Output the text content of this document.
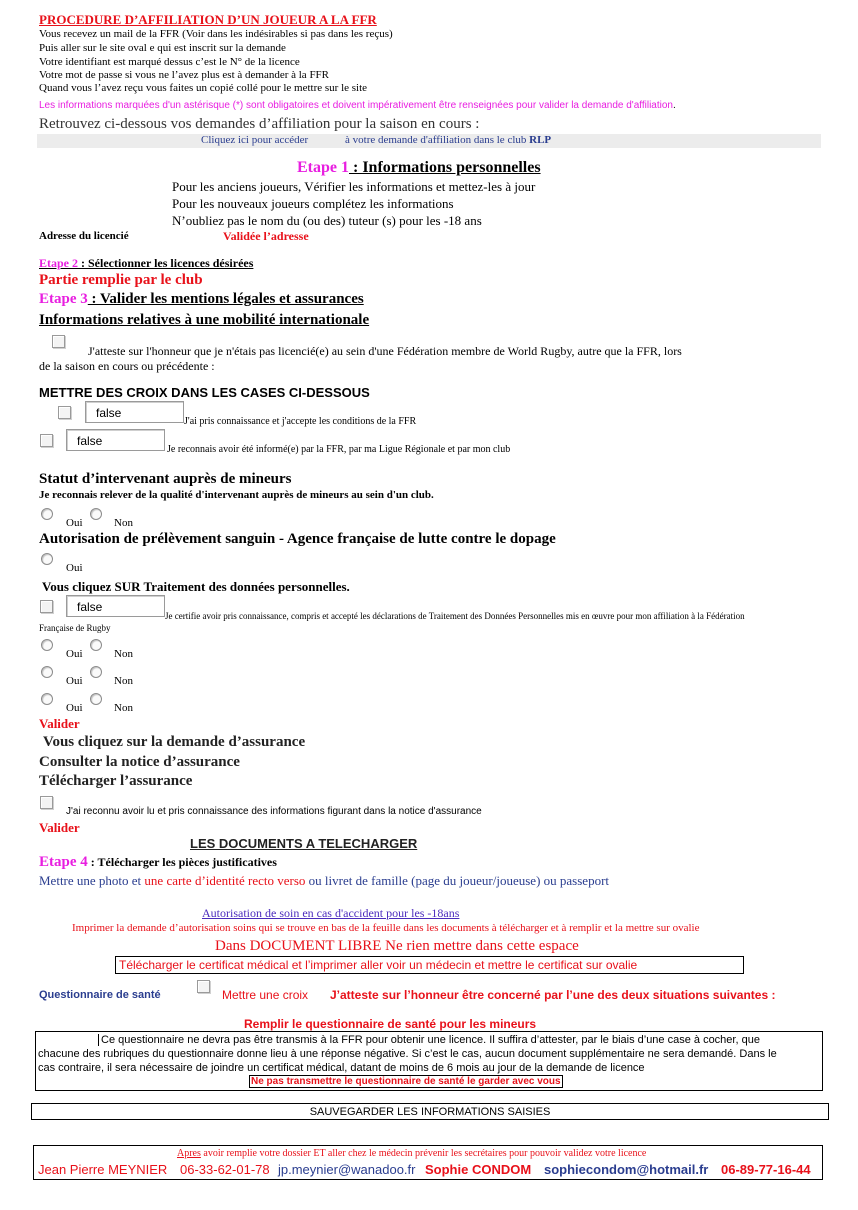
PROCEDURE D’AFFILIATION D’UN JOUEUR A LA FFR
Vous recevez un mail de la FFR (Voir dans les indésirables si pas dans les reçus)
Puis aller sur le site oval e qui est inscrit sur la demande
Votre identifiant est marqué dessus c’est le N° de la licence
Votre mot de passe si vous ne l’avez plus est à demander à la FFR
Quand vous l’avez reçu vous faites un copié collé pour le mettre sur le site
Les informations marquées d'un astérisque (*) sont obligatoires et doivent impérativement être renseignées pour valider la demande d'affiliation.
Retrouvez ci-dessous vos demandes d’affiliation pour la saison en cours :
Cliquez ici pour accéder	à votre demande d'affiliation dans le club RLP
Etape 1 : Informations personnelles
Pour les anciens joueurs, Vérifier les informations et mettez-les à jour
Pour les nouveaux joueurs complétez les informations
N’oubliez pas le nom du (ou des) tuteur (s) pour les -18 ans
Adresse du licencié	Validée l’adresse
Etape 2 : Sélectionner les licences désirées
Partie remplie par le club
Etape 3 : Valider les mentions légales et assurances
Informations relatives à une mobilité internationale
J'atteste sur l'honneur que je n'étais pas licencié(e) au sein d'une Fédération membre de World Rugby, autre que la FFR, lors
de la saison en cours ou précédente :
METTRE DES CROIX DANS LES CASES CI-DESSOUS
false
J'ai pris connaissance et j'accepte les conditions de la FFR
false
Je reconnais avoir été informé(e) par la FFR, par ma Ligue Régionale et par mon club
Statut d’intervenant auprès de mineurs
Je reconnais relever de la qualité d'intervenant auprès de mineurs au sein d'un club.
Oui	Non
Autorisation de prélèvement sanguin - Agence française de lutte contre le dopage
Oui
Vous cliquez SUR Traitement des données personnelles.
false
Je certifie avoir pris connaissance, compris et accepté les déclarations de Traitement des Données Personnelles mis en œuvre pour mon affiliation à la Fédération
Française de Rugby
Oui	Non
Oui	Non
Oui	Non
Valider
Vous cliquez sur la demande d’assurance
Consulter la notice d’assurance
Télécharger l’assurance
J'ai reconnu avoir lu et pris connaissance des informations figurant dans la notice d'assurance
Valider
LES DOCUMENTS A TELECHARGER
Etape 4 : Télécharger les pièces justificatives
Mettre une photo et une carte d’identité recto verso ou livret de famille (page du joueur/joueuse) ou passeport
Autorisation de soin en cas d'accident pour les -18ans
Imprimer la demande d’autorisation soins qui se trouve en bas de la feuille dans les documents à télécharger et à remplir et la mettre sur ovalie
Dans DOCUMENT LIBRE Ne rien mettre dans cette espace
Télécharger le certificat médical et l’imprimer aller voir un médecin et mettre le certificat sur ovalie
Questionnaire de santé	Mettre une croix J’atteste sur l’honneur être concerné par l’une des deux situations suivantes :
Remplir le questionnaire de santé pour les mineurs
Ce questionnaire ne devra pas être transmis à la FFR pour obtenir une licence. Il suffira d’attester, par le biais d’une case à cocher, que
chacune des rubriques du questionnaire donne lieu à une réponse négative. Si c’est le cas, aucun document supplémentaire ne sera demandé. Dans le
cas contraire, il sera nécessaire de joindre un certificat médical, datant de moins de 6 mois au jour de la demande de licence
Ne pas transmettre le questionnaire de santé le garder avec vous
SAUVEGARDER LES INFORMATIONS SAISIES
Apres avoir remplie votre dossier ET aller chez le médecin prévenir les secrétaires pour pouvoir validez votre licence
Jean Pierre MEYNIER 06-33-62-01-78 jp.meynier@wanadoo.fr Sophie CONDOM sophiecondom@hotmail.fr 06-89-77-16-44
